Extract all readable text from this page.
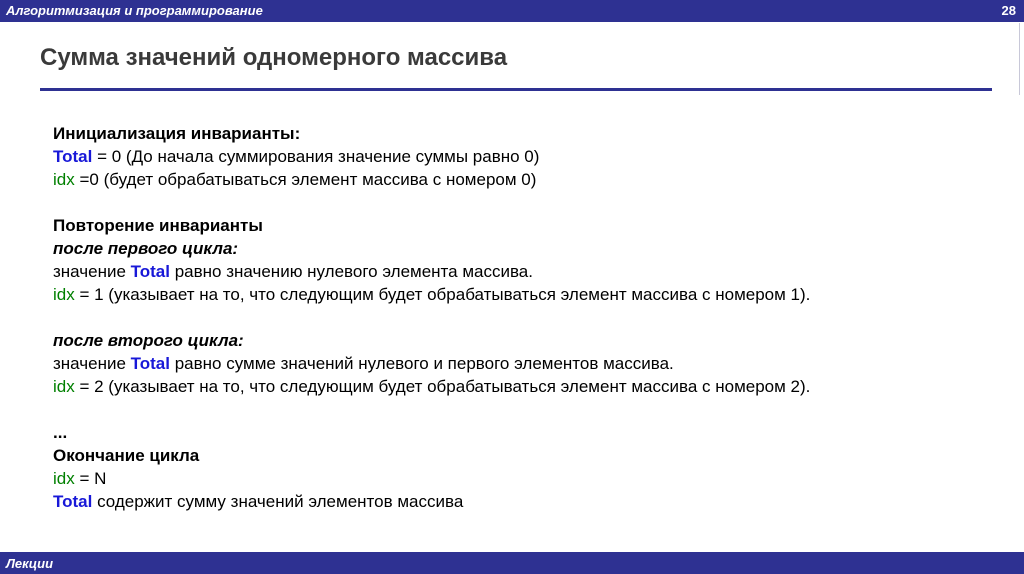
Алгоритмизация и программирование	28
Сумма значений одномерного массива
Инициализация инварианты:
Total = 0 (До начала суммирования значение суммы равно 0)
idx =0 (будет обрабатываться элемент массива с номером 0)
Повторение инварианты
после первого цикла:
значение Total равно значению нулевого элемента массива.
idx = 1 (указывает на то, что следующим будет обрабатываться элемент массива с номером 1).
после второго цикла:
значение Total равно сумме значений нулевого и первого элементов массива.
idx = 2 (указывает на то, что следующим будет обрабатываться элемент массива с номером 2).
...
Окончание цикла
idx = N
Total содержит сумму значений элементов массива
Лекции
